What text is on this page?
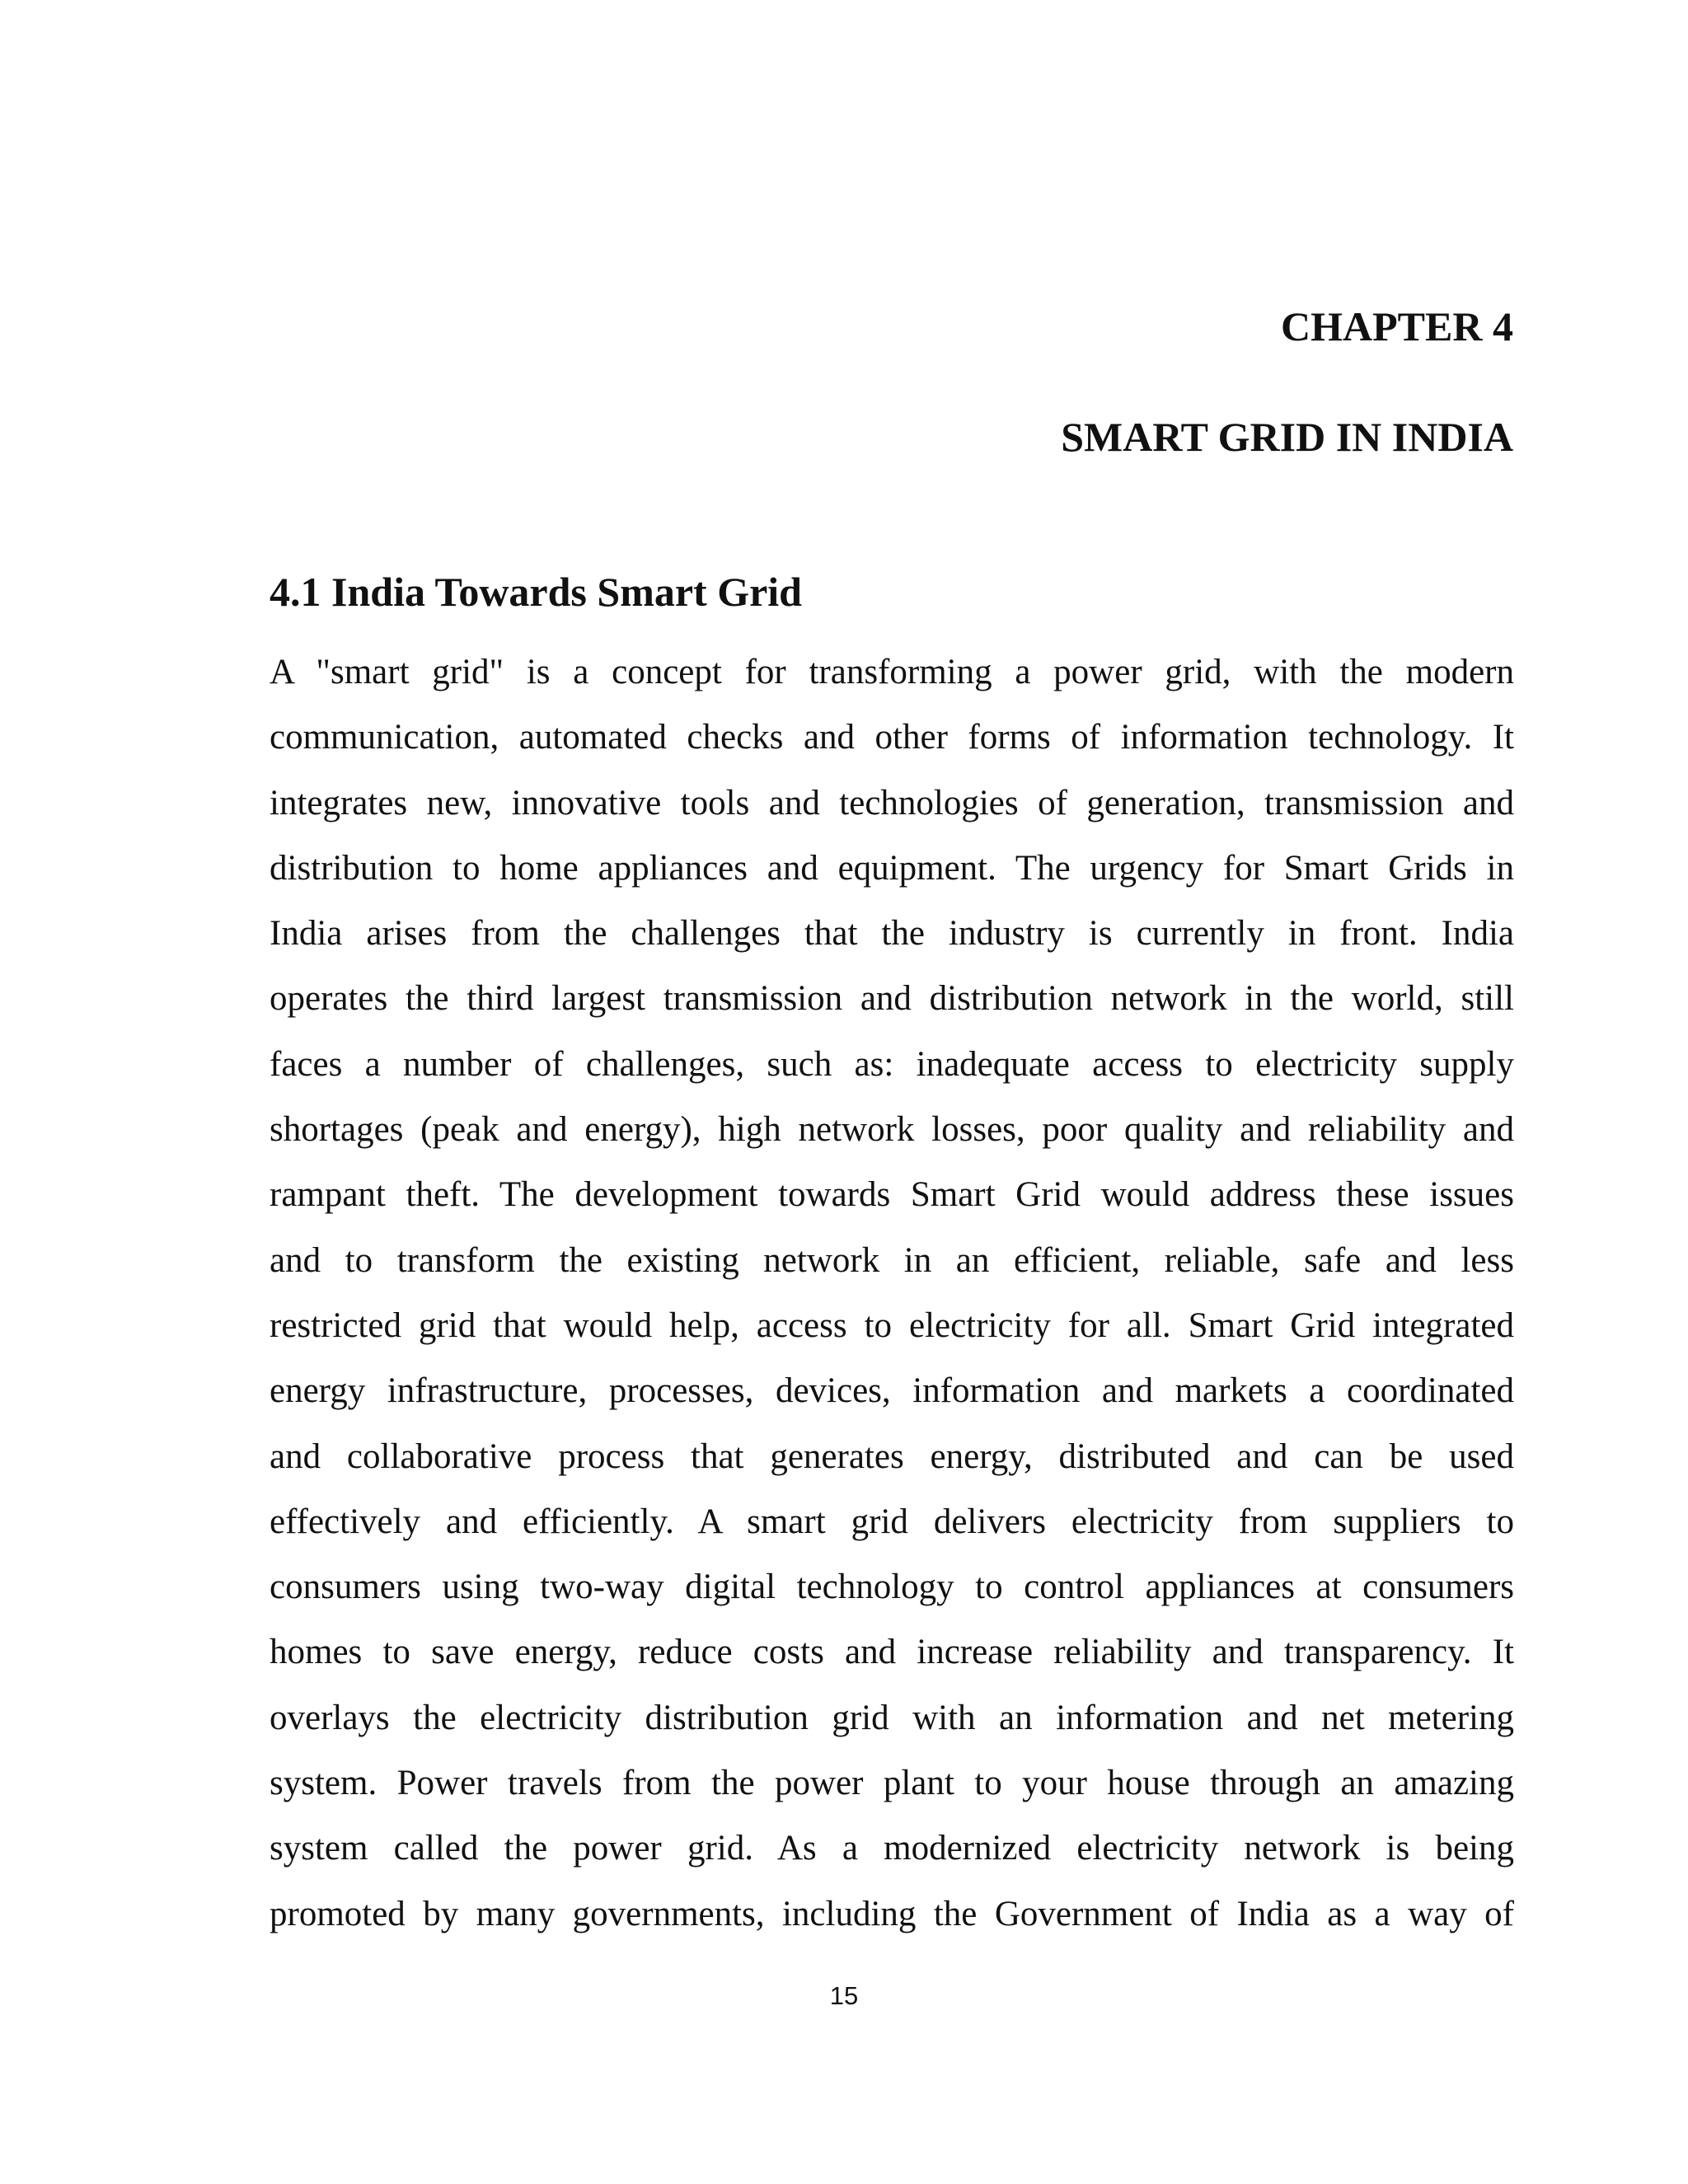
CHAPTER 4
SMART GRID IN INDIA
4.1 India Towards Smart Grid
A "smart grid" is a concept for transforming a power grid, with the modern
communication, automated checks and other forms of information technology. It
integrates new, innovative tools and technologies of generation, transmission and
distribution to home appliances and equipment. The urgency for Smart Grids in
India arises from the challenges that the industry is currently in front. India
operates the third largest transmission and distribution network in the world, still
faces a number of challenges, such as: inadequate access to electricity supply
shortages (peak and energy), high network losses, poor quality and reliability and
rampant theft. The development towards Smart Grid would address these issues
and to transform the existing network in an efficient, reliable, safe and less
restricted grid that would help, access to electricity for all. Smart Grid integrated
energy infrastructure, processes, devices, information and markets a coordinated
and collaborative process that generates energy, distributed and can be used
effectively and efficiently. A smart grid delivers electricity from suppliers to
consumers using two-way digital technology to control appliances at consumers
homes to save energy, reduce costs and increase reliability and transparency. It
overlays the electricity distribution grid with an information and net metering
system. Power travels from the power plant to your house through an amazing
system called the power grid. As a modernized electricity network is being
promoted by many governments, including the Government of India as a way of
15
